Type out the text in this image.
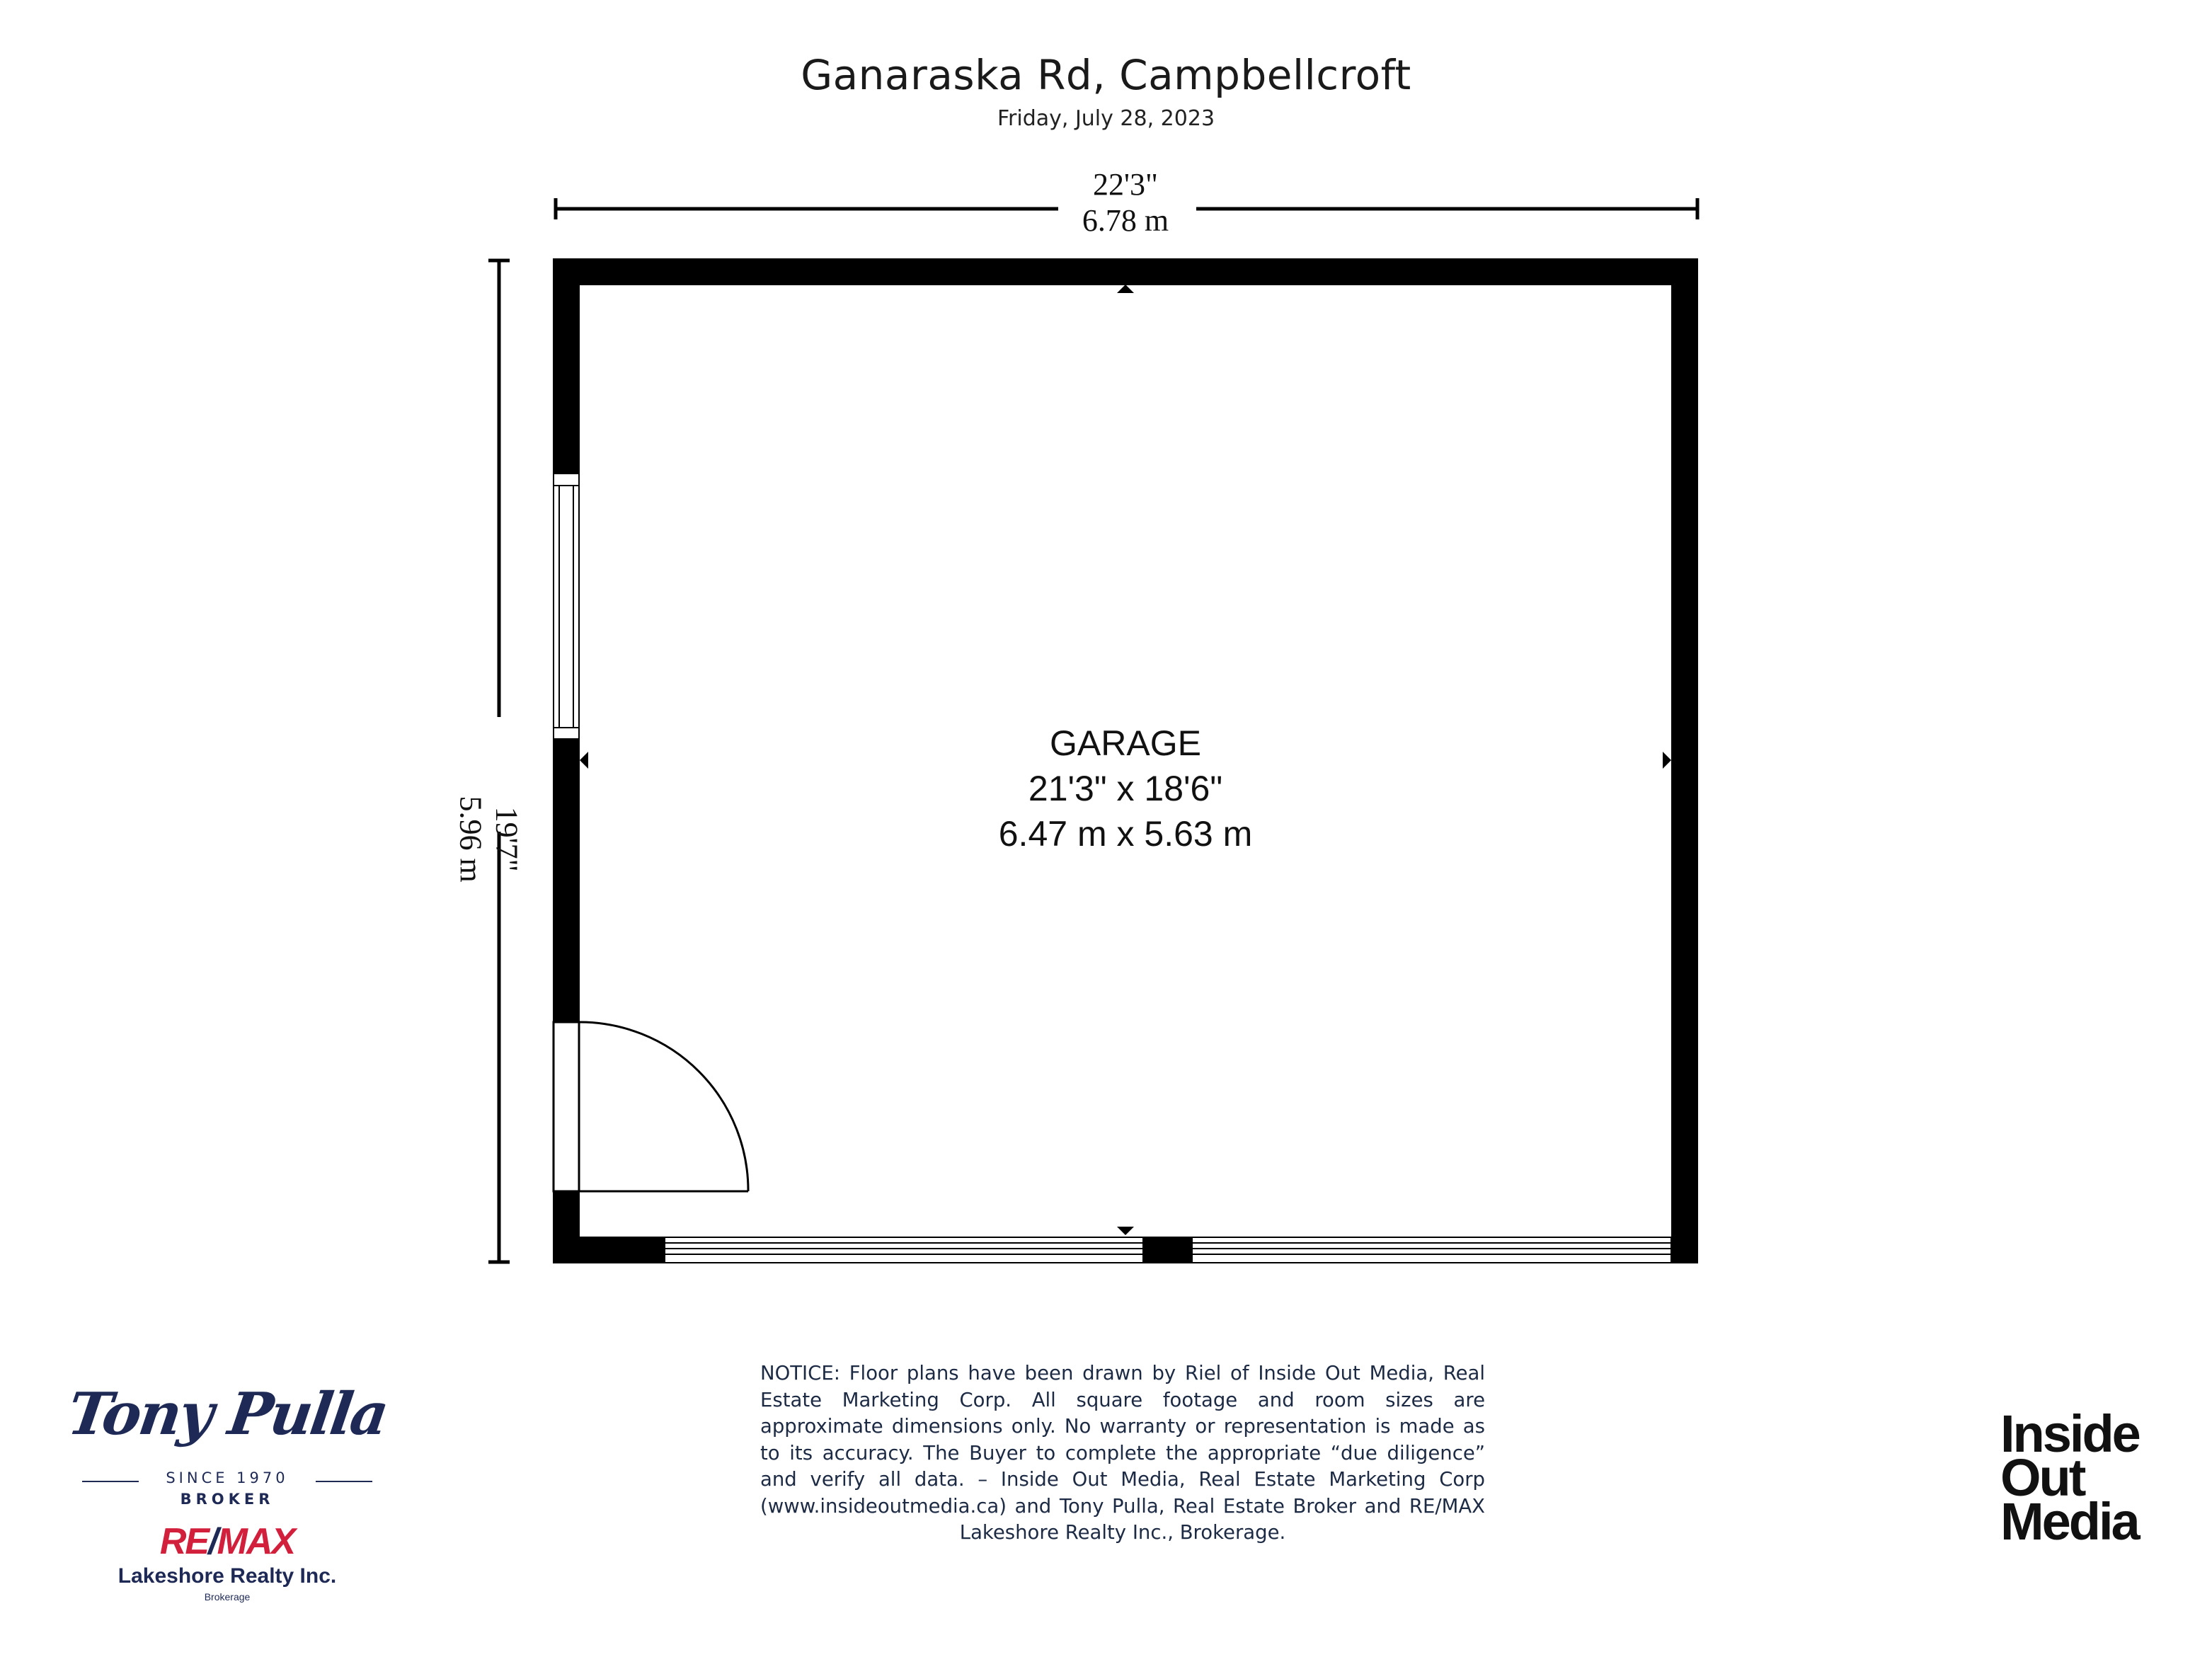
Ganaraska Rd, Campbellcroft
Friday, July 28, 2023
22'3"
6.78 m
19'7"
5.96 m
GARAGE
21'3" x 18'6"
6.47 m x 5.63 m
NOTICE: Floor plans have been drawn by Riel of Inside Out Media, Real Estate Marketing Corp. All square footage and room sizes are approximate dimensions only. No warranty or representation is made as to its accuracy. The Buyer to complete the appropriate “due diligence” and verify all data. – Inside Out Media, Real Estate Marketing Corp (www.insideoutmedia.ca) and Tony Pulla, Real Estate Broker and RE/MAX Lakeshore Realty Inc., Brokerage.
Tony Pulla
SINCE 1970
BROKER
RE/MAX
Lakeshore Realty Inc.
Brokerage
Inside
Out
Media
